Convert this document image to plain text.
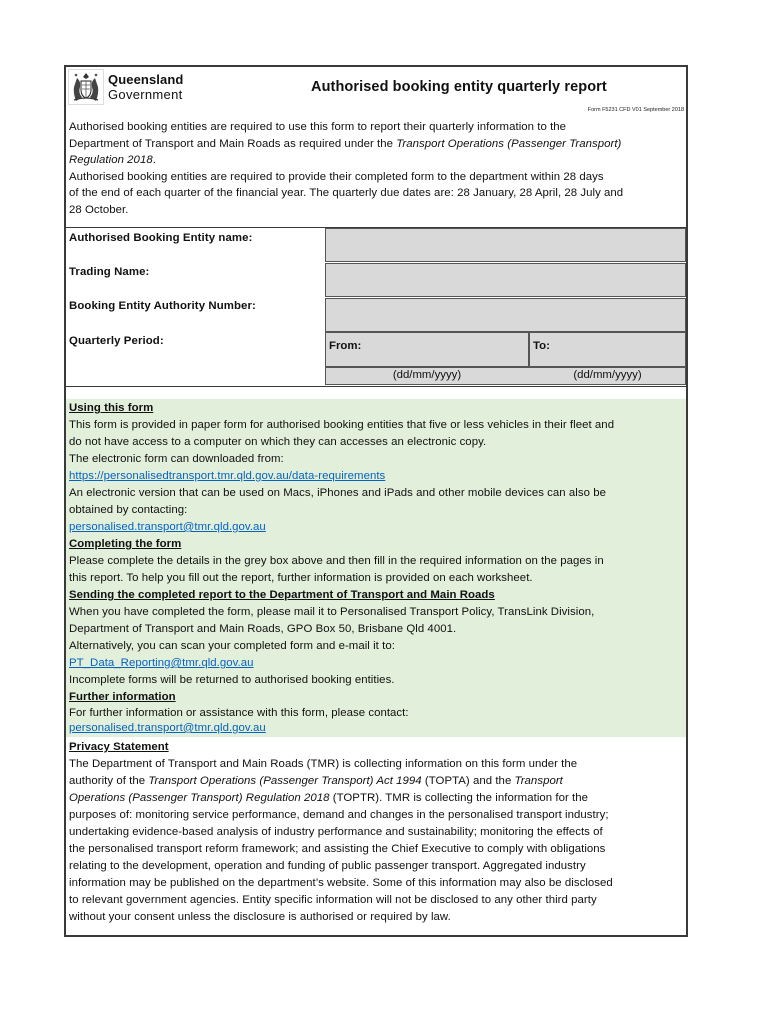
Queensland
Government	Authorised booking entity quarterly report
Form F5231 CFD V01 September 2018
Authorised booking entities are required to use this form to report their quarterly information to the
Department of Transport and Main Roads as required under the Transport Operations (Passenger Transport)
Regulation 2018.
Authorised booking entities are required to provide their completed form to the department within 28 days
of the end of each quarter of the financial year. The quarterly due dates are: 28 January, 28 April, 28 July and
28 October.
Authorised Booking Entity name:
Trading Name:
Booking Entity Authority Number:
Quarterly Period:	From:	To:
(dd/mm/yyyy)	(dd/mm/yyyy)
Using this form
This form is provided in paper form for authorised booking entities that five or less vehicles in their fleet and
do not have access to a computer on which they can accesses an electronic copy.
The electronic form can downloaded from:
https://personalisedtransport.tmr.qld.gov.au/data-requirements
An electronic version that can be used on Macs, iPhones and iPads and other mobile devices can also be
obtained by contacting:
personalised.transport@tmr.qld.gov.au
Completing the form
Please complete the details in the grey box above and then fill in the required information on the pages in
this report. To help you fill out the report, further information is provided on each worksheet.
Sending the completed report to the Department of Transport and Main Roads
When you have completed the form, please mail it to Personalised Transport Policy, TransLink Division,
Department of Transport and Main Roads, GPO Box 50, Brisbane Qld 4001.
Alternatively, you can scan your completed form and e-mail it to:
PT_Data_Reporting@tmr.qld.gov.au
Incomplete forms will be returned to authorised booking entities.
Further information
For further information or assistance with this form, please contact:
personalised.transport@tmr.qld.gov.au
Privacy Statement
The Department of Transport and Main Roads (TMR) is collecting information on this form under the
authority of the Transport Operations (Passenger Transport) Act 1994 (TOPTA) and the Transport
Operations (Passenger Transport) Regulation 2018 (TOPTR). TMR is collecting the information for the
purposes of: monitoring service performance, demand and changes in the personalised transport industry;
undertaking evidence-based analysis of industry performance and sustainability; monitoring the effects of
the personalised transport reform framework; and assisting the Chief Executive to comply with obligations
relating to the development, operation and funding of public passenger transport. Aggregated industry
information may be published on the department’s website. Some of this information may also be disclosed
to relevant government agencies. Entity specific information will not be disclosed to any other third party
without your consent unless the disclosure is authorised or required by law.
